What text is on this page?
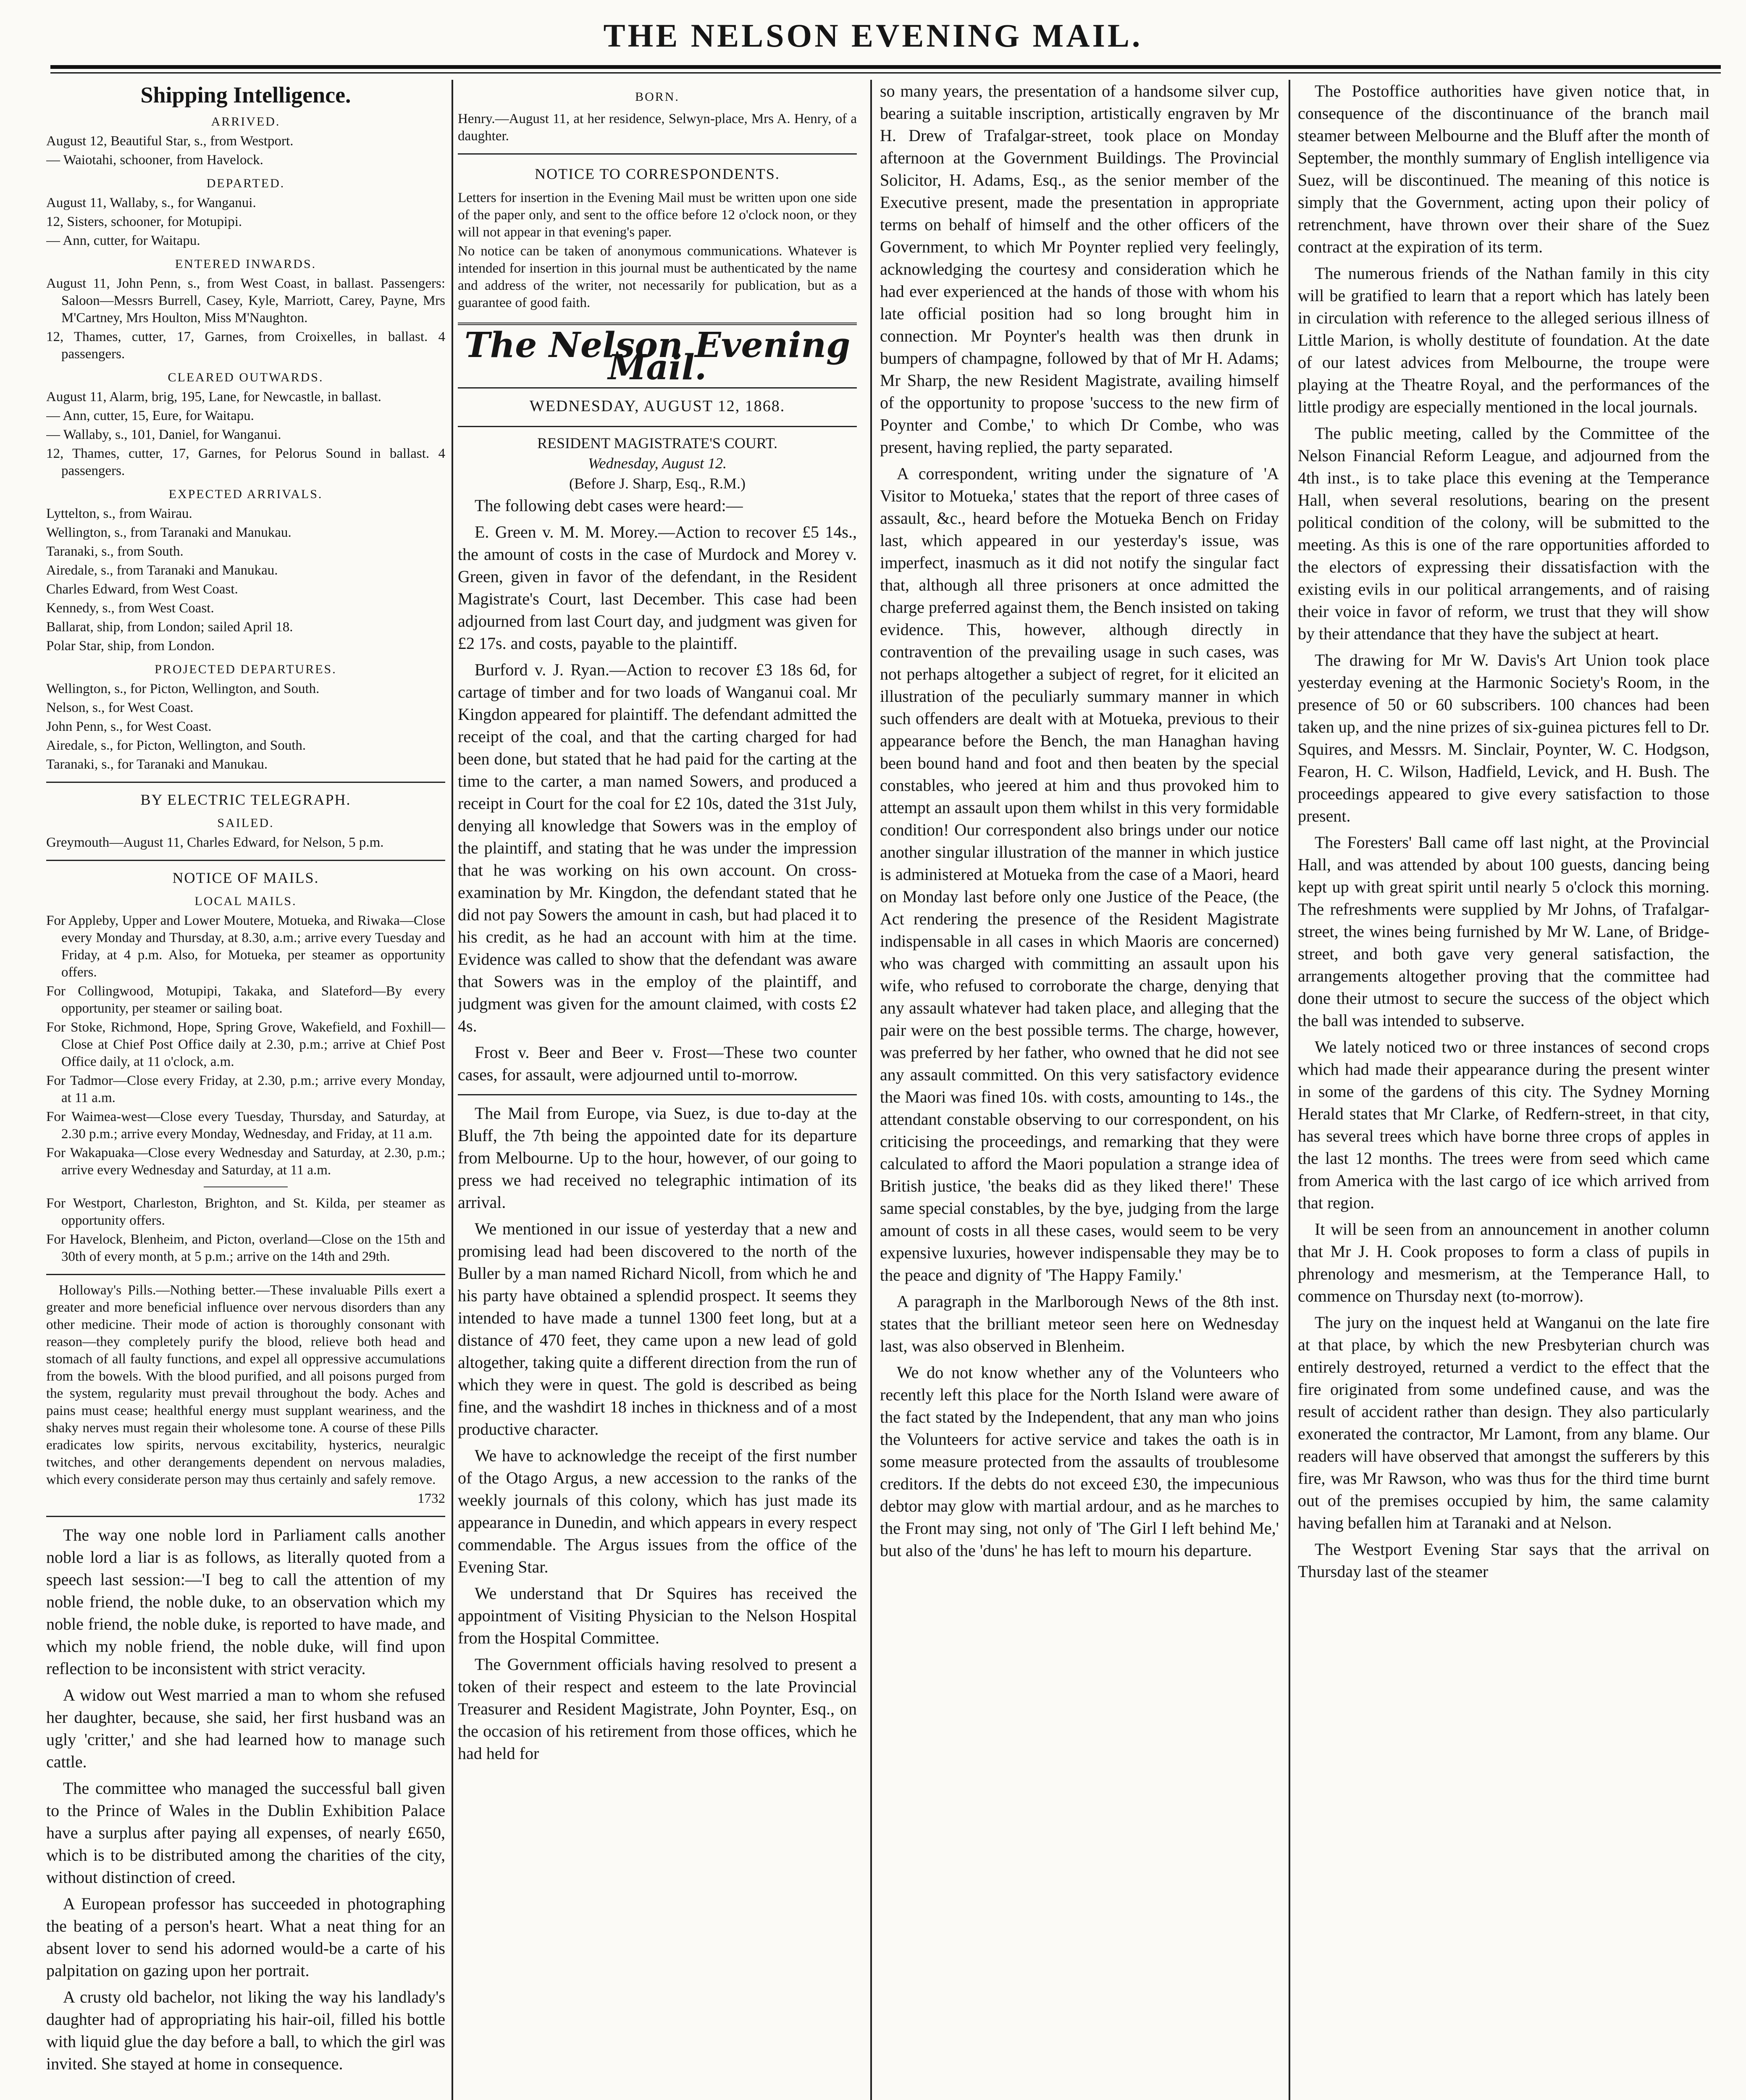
THE NELSON EVENING MAIL.
Shipping Intelligence.
ARRIVED.

August 12, Beautiful Star, s., from Westport.

— Waiotahi, schooner, from Havelock.

DEPARTED.

August 11, Wallaby, s., for Wanganui.

12, Sisters, schooner, for Motupipi.

— Ann, cutter, for Waitapu.

ENTERED INWARDS.

August 11, John Penn, s., from West Coast, in ballast. Passengers: Saloon—Messrs Burrell, Casey, Kyle, Marriott, Carey, Payne, Mrs M'Cartney, Mrs Houlton, Miss M'Naughton.

12, Thames, cutter, 17, Garnes, from Croixelles, in ballast. 4 passengers.

CLEARED OUTWARDS.

August 11, Alarm, brig, 195, Lane, for Newcastle, in ballast.

— Ann, cutter, 15, Eure, for Waitapu.

— Wallaby, s., 101, Daniel, for Wanganui.

12, Thames, cutter, 17, Garnes, for Pelorus Sound in ballast. 4 passengers.

EXPECTED ARRIVALS.

Lyttelton, s., from Wairau.

Wellington, s., from Taranaki and Manukau.

Taranaki, s., from South.

Airedale, s., from Taranaki and Manukau.

Charles Edward, from West Coast.

Kennedy, s., from West Coast.

Ballarat, ship, from London; sailed April 18.

Polar Star, ship, from London.

PROJECTED DEPARTURES.

Wellington, s., for Picton, Wellington, and South.

Nelson, s., for West Coast.

John Penn, s., for West Coast.

Airedale, s., for Picton, Wellington, and South.

Taranaki, s., for Taranaki and Manukau.

BY ELECTRIC TELEGRAPH.
SAILED.

Greymouth—August 11, Charles Edward, for Nelson, 5 p.m.

NOTICE OF MAILS.
LOCAL MAILS.

For Appleby, Upper and Lower Moutere, Motueka, and Riwaka—Close every Monday and Thursday, at 8.30, a.m.; arrive every Tuesday and Friday, at 4 p.m. Also, for Motueka, per steamer as opportunity offers.

For Collingwood, Motupipi, Takaka, and Slateford—By every opportunity, per steamer or sailing boat.

For Stoke, Richmond, Hope, Spring Grove, Wakefield, and Foxhill—Close at Chief Post Office daily at 2.30, p.m.; arrive at Chief Post Office daily, at 11 o'clock, a.m.

For Tadmor—Close every Friday, at 2.30, p.m.; arrive every Monday, at 11 a.m.

For Waimea-west—Close every Tuesday, Thursday, and Saturday, at 2.30 p.m.; arrive every Monday, Wednesday, and Friday, at 11 a.m.

For Wakapuaka—Close every Wednesday and Saturday, at 2.30, p.m.; arrive every Wednesday and Saturday, at 11 a.m.

For Westport, Charleston, Brighton, and St. Kilda, per steamer as opportunity offers.

For Havelock, Blenheim, and Picton, overland—Close on the 15th and 30th of every month, at 5 p.m.; arrive on the 14th and 29th.

Holloway's Pills.—Nothing better.—These invaluable Pills exert a greater and more beneficial influence over nervous disorders than any other medicine. Their mode of action is thoroughly consonant with reason—they completely purify the blood, relieve both head and stomach of all faulty functions, and expel all oppressive accumulations from the bowels. With the blood purified, and all poisons purged from the system, regularity must prevail throughout the body. Aches and pains must cease; healthful energy must supplant weariness, and the shaky nerves must regain their wholesome tone. A course of these Pills eradicates low spirits, nervous excitability, hysterics, neuralgic twitches, and other derangements dependent on nervous maladies, which every considerate person may thus certainly and safely remove.

1732

The way one noble lord in Parliament calls another noble lord a liar is as follows, as literally quoted from a speech last session:—'I beg to call the attention of my noble friend, the noble duke, to an observation which my noble friend, the noble duke, is reported to have made, and which my noble friend, the noble duke, will find upon reflection to be inconsistent with strict veracity.

A widow out West married a man to whom she refused her daughter, because, she said, her first husband was an ugly 'critter,' and she had learned how to manage such cattle.

The committee who managed the successful ball given to the Prince of Wales in the Dublin Exhibition Palace have a surplus after paying all expenses, of nearly £650, which is to be distributed among the charities of the city, without distinction of creed.

A European professor has succeeded in photographing the beating of a person's heart. What a neat thing for an absent lover to send his adorned would-be a carte of his palpitation on gazing upon her portrait.

A crusty old bachelor, not liking the way his landlady's daughter had of appropriating his hair-oil, filled his bottle with liquid glue the day before a ball, to which the girl was invited. She stayed at home in consequence.

BORN.

Henry.—August 11, at her residence, Selwyn-place, Mrs A. Henry, of a daughter.

NOTICE TO CORRESPONDENTS.

Letters for insertion in the Evening Mail must be written upon one side of the paper only, and sent to the office before 12 o'clock noon, or they will not appear in that evening's paper.

No notice can be taken of anonymous communications. Whatever is intended for insertion in this journal must be authenticated by the name and address of the writer, not necessarily for publication, but as a guarantee of good faith.

The Nelson Evening Mail.
WEDNESDAY, AUGUST 12, 1868.
RESIDENT MAGISTRATE'S COURT.
Wednesday, August 12.
(Before J. Sharp, Esq., R.M.)

The following debt cases were heard:—

E. Green v. M. M. Morey.—Action to recover £5 14s., the amount of costs in the case of Murdock and Morey v. Green, given in favor of the defendant, in the Resident Magistrate's Court, last December. This case had been adjourned from last Court day, and judgment was given for £2 17s. and costs, payable to the plaintiff.

Burford v. J. Ryan.—Action to recover £3 18s 6d, for cartage of timber and for two loads of Wanganui coal. Mr Kingdon appeared for plaintiff. The defendant admitted the receipt of the coal, and that the carting charged for had been done, but stated that he had paid for the carting at the time to the carter, a man named Sowers, and produced a receipt in Court for the coal for £2 10s, dated the 31st July, denying all knowledge that Sowers was in the employ of the plaintiff, and stating that he was under the impression that he was working on his own account. On cross-examination by Mr. Kingdon, the defendant stated that he did not pay Sowers the amount in cash, but had placed it to his credit, as he had an account with him at the time. Evidence was called to show that the defendant was aware that Sowers was in the employ of the plaintiff, and judgment was given for the amount claimed, with costs £2 4s.

Frost v. Beer and Beer v. Frost—These two counter cases, for assault, were adjourned until to-morrow.

The Mail from Europe, via Suez, is due to-day at the Bluff, the 7th being the appointed date for its departure from Melbourne. Up to the hour, however, of our going to press we had received no telegraphic intimation of its arrival.

We mentioned in our issue of yesterday that a new and promising lead had been discovered to the north of the Buller by a man named Richard Nicoll, from which he and his party have obtained a splendid prospect. It seems they intended to have made a tunnel 1300 feet long, but at a distance of 470 feet, they came upon a new lead of gold altogether, taking quite a different direction from the run of which they were in quest. The gold is described as being fine, and the washdirt 18 inches in thickness and of a most productive character.

We have to acknowledge the receipt of the first number of the Otago Argus, a new accession to the ranks of the weekly journals of this colony, which has just made its appearance in Dunedin, and which appears in every respect commendable. The Argus issues from the office of the Evening Star.

We understand that Dr Squires has received the appointment of Visiting Physician to the Nelson Hospital from the Hospital Committee.

The Government officials having resolved to present a token of their respect and esteem to the late Provincial Treasurer and Resident Magistrate, John Poynter, Esq., on the occasion of his retirement from those offices, which he had held for

so many years, the presentation of a handsome silver cup, bearing a suitable inscription, artistically engraven by Mr H. Drew of Trafalgar-street, took place on Monday afternoon at the Government Buildings. The Provincial Solicitor, H. Adams, Esq., as the senior member of the Executive present, made the presentation in appropriate terms on behalf of himself and the other officers of the Government, to which Mr Poynter replied very feelingly, acknowledging the courtesy and consideration which he had ever experienced at the hands of those with whom his late official position had so long brought him in connection. Mr Poynter's health was then drunk in bumpers of champagne, followed by that of Mr H. Adams; Mr Sharp, the new Resident Magistrate, availing himself of the opportunity to propose 'success to the new firm of Poynter and Combe,' to which Dr Combe, who was present, having replied, the party separated.

A correspondent, writing under the signature of 'A Visitor to Motueka,' states that the report of three cases of assault, &c., heard before the Motueka Bench on Friday last, which appeared in our yesterday's issue, was imperfect, inasmuch as it did not notify the singular fact that, although all three prisoners at once admitted the charge preferred against them, the Bench insisted on taking evidence. This, however, although directly in contravention of the prevailing usage in such cases, was not perhaps altogether a subject of regret, for it elicited an illustration of the peculiarly summary manner in which such offenders are dealt with at Motueka, previous to their appearance before the Bench, the man Hanaghan having been bound hand and foot and then beaten by the special constables, who jeered at him and thus provoked him to attempt an assault upon them whilst in this very formidable condition! Our correspondent also brings under our notice another singular illustration of the manner in which justice is administered at Motueka from the case of a Maori, heard on Monday last before only one Justice of the Peace, (the Act rendering the presence of the Resident Magistrate indispensable in all cases in which Maoris are concerned) who was charged with committing an assault upon his wife, who refused to corroborate the charge, denying that any assault whatever had taken place, and alleging that the pair were on the best possible terms. The charge, however, was preferred by her father, who owned that he did not see any assault committed. On this very satisfactory evidence the Maori was fined 10s. with costs, amounting to 14s., the attendant constable observing to our correspondent, on his criticising the proceedings, and remarking that they were calculated to afford the Maori population a strange idea of British justice, 'the beaks did as they liked there!' These same special constables, by the bye, judging from the large amount of costs in all these cases, would seem to be very expensive luxuries, however indispensable they may be to the peace and dignity of 'The Happy Family.'

A paragraph in the Marlborough News of the 8th inst. states that the brilliant meteor seen here on Wednesday last, was also observed in Blenheim.

We do not know whether any of the Volunteers who recently left this place for the North Island were aware of the fact stated by the Independent, that any man who joins the Volunteers for active service and takes the oath is in some measure protected from the assaults of troublesome creditors. If the debts do not exceed £30, the impecunious debtor may glow with martial ardour, and as he marches to the Front may sing, not only of 'The Girl I left behind Me,' but also of the 'duns' he has left to mourn his departure.

The Postoffice authorities have given notice that, in consequence of the discontinuance of the branch mail steamer between Melbourne and the Bluff after the month of September, the monthly summary of English intelligence via Suez, will be discontinued. The meaning of this notice is simply that the Government, acting upon their policy of retrenchment, have thrown over their share of the Suez contract at the expiration of its term.

The numerous friends of the Nathan family in this city will be gratified to learn that a report which has lately been in circulation with reference to the alleged serious illness of Little Marion, is wholly destitute of foundation. At the date of our latest advices from Melbourne, the troupe were playing at the Theatre Royal, and the performances of the little prodigy are especially mentioned in the local journals.

The public meeting, called by the Committee of the Nelson Financial Reform League, and adjourned from the 4th inst., is to take place this evening at the Temperance Hall, when several resolutions, bearing on the present political condition of the colony, will be submitted to the meeting. As this is one of the rare opportunities afforded to the electors of expressing their dissatisfaction with the existing evils in our political arrangements, and of raising their voice in favor of reform, we trust that they will show by their attendance that they have the subject at heart.

The drawing for Mr W. Davis's Art Union took place yesterday evening at the Harmonic Society's Room, in the presence of 50 or 60 subscribers. 100 chances had been taken up, and the nine prizes of six-guinea pictures fell to Dr. Squires, and Messrs. M. Sinclair, Poynter, W. C. Hodgson, Fearon, H. C. Wilson, Hadfield, Levick, and H. Bush. The proceedings appeared to give every satisfaction to those present.

The Foresters' Ball came off last night, at the Provincial Hall, and was attended by about 100 guests, dancing being kept up with great spirit until nearly 5 o'clock this morning. The refreshments were supplied by Mr Johns, of Trafalgar-street, the wines being furnished by Mr W. Lane, of Bridge-street, and both gave very general satisfaction, the arrangements altogether proving that the committee had done their utmost to secure the success of the object which the ball was intended to subserve.

We lately noticed two or three instances of second crops which had made their appearance during the present winter in some of the gardens of this city. The Sydney Morning Herald states that Mr Clarke, of Redfern-street, in that city, has several trees which have borne three crops of apples in the last 12 months. The trees were from seed which came from America with the last cargo of ice which arrived from that region.

It will be seen from an announcement in another column that Mr J. H. Cook proposes to form a class of pupils in phrenology and mesmerism, at the Temperance Hall, to commence on Thursday next (to-morrow).

The jury on the inquest held at Wanganui on the late fire at that place, by which the new Presbyterian church was entirely destroyed, returned a verdict to the effect that the fire originated from some undefined cause, and was the result of accident rather than design. They also particularly exonerated the contractor, Mr Lamont, from any blame. Our readers will have observed that amongst the sufferers by this fire, was Mr Rawson, who was thus for the third time burnt out of the premises occupied by him, the same calamity having befallen him at Taranaki and at Nelson.

The Westport Evening Star says that the arrival on Thursday last of the steamer
